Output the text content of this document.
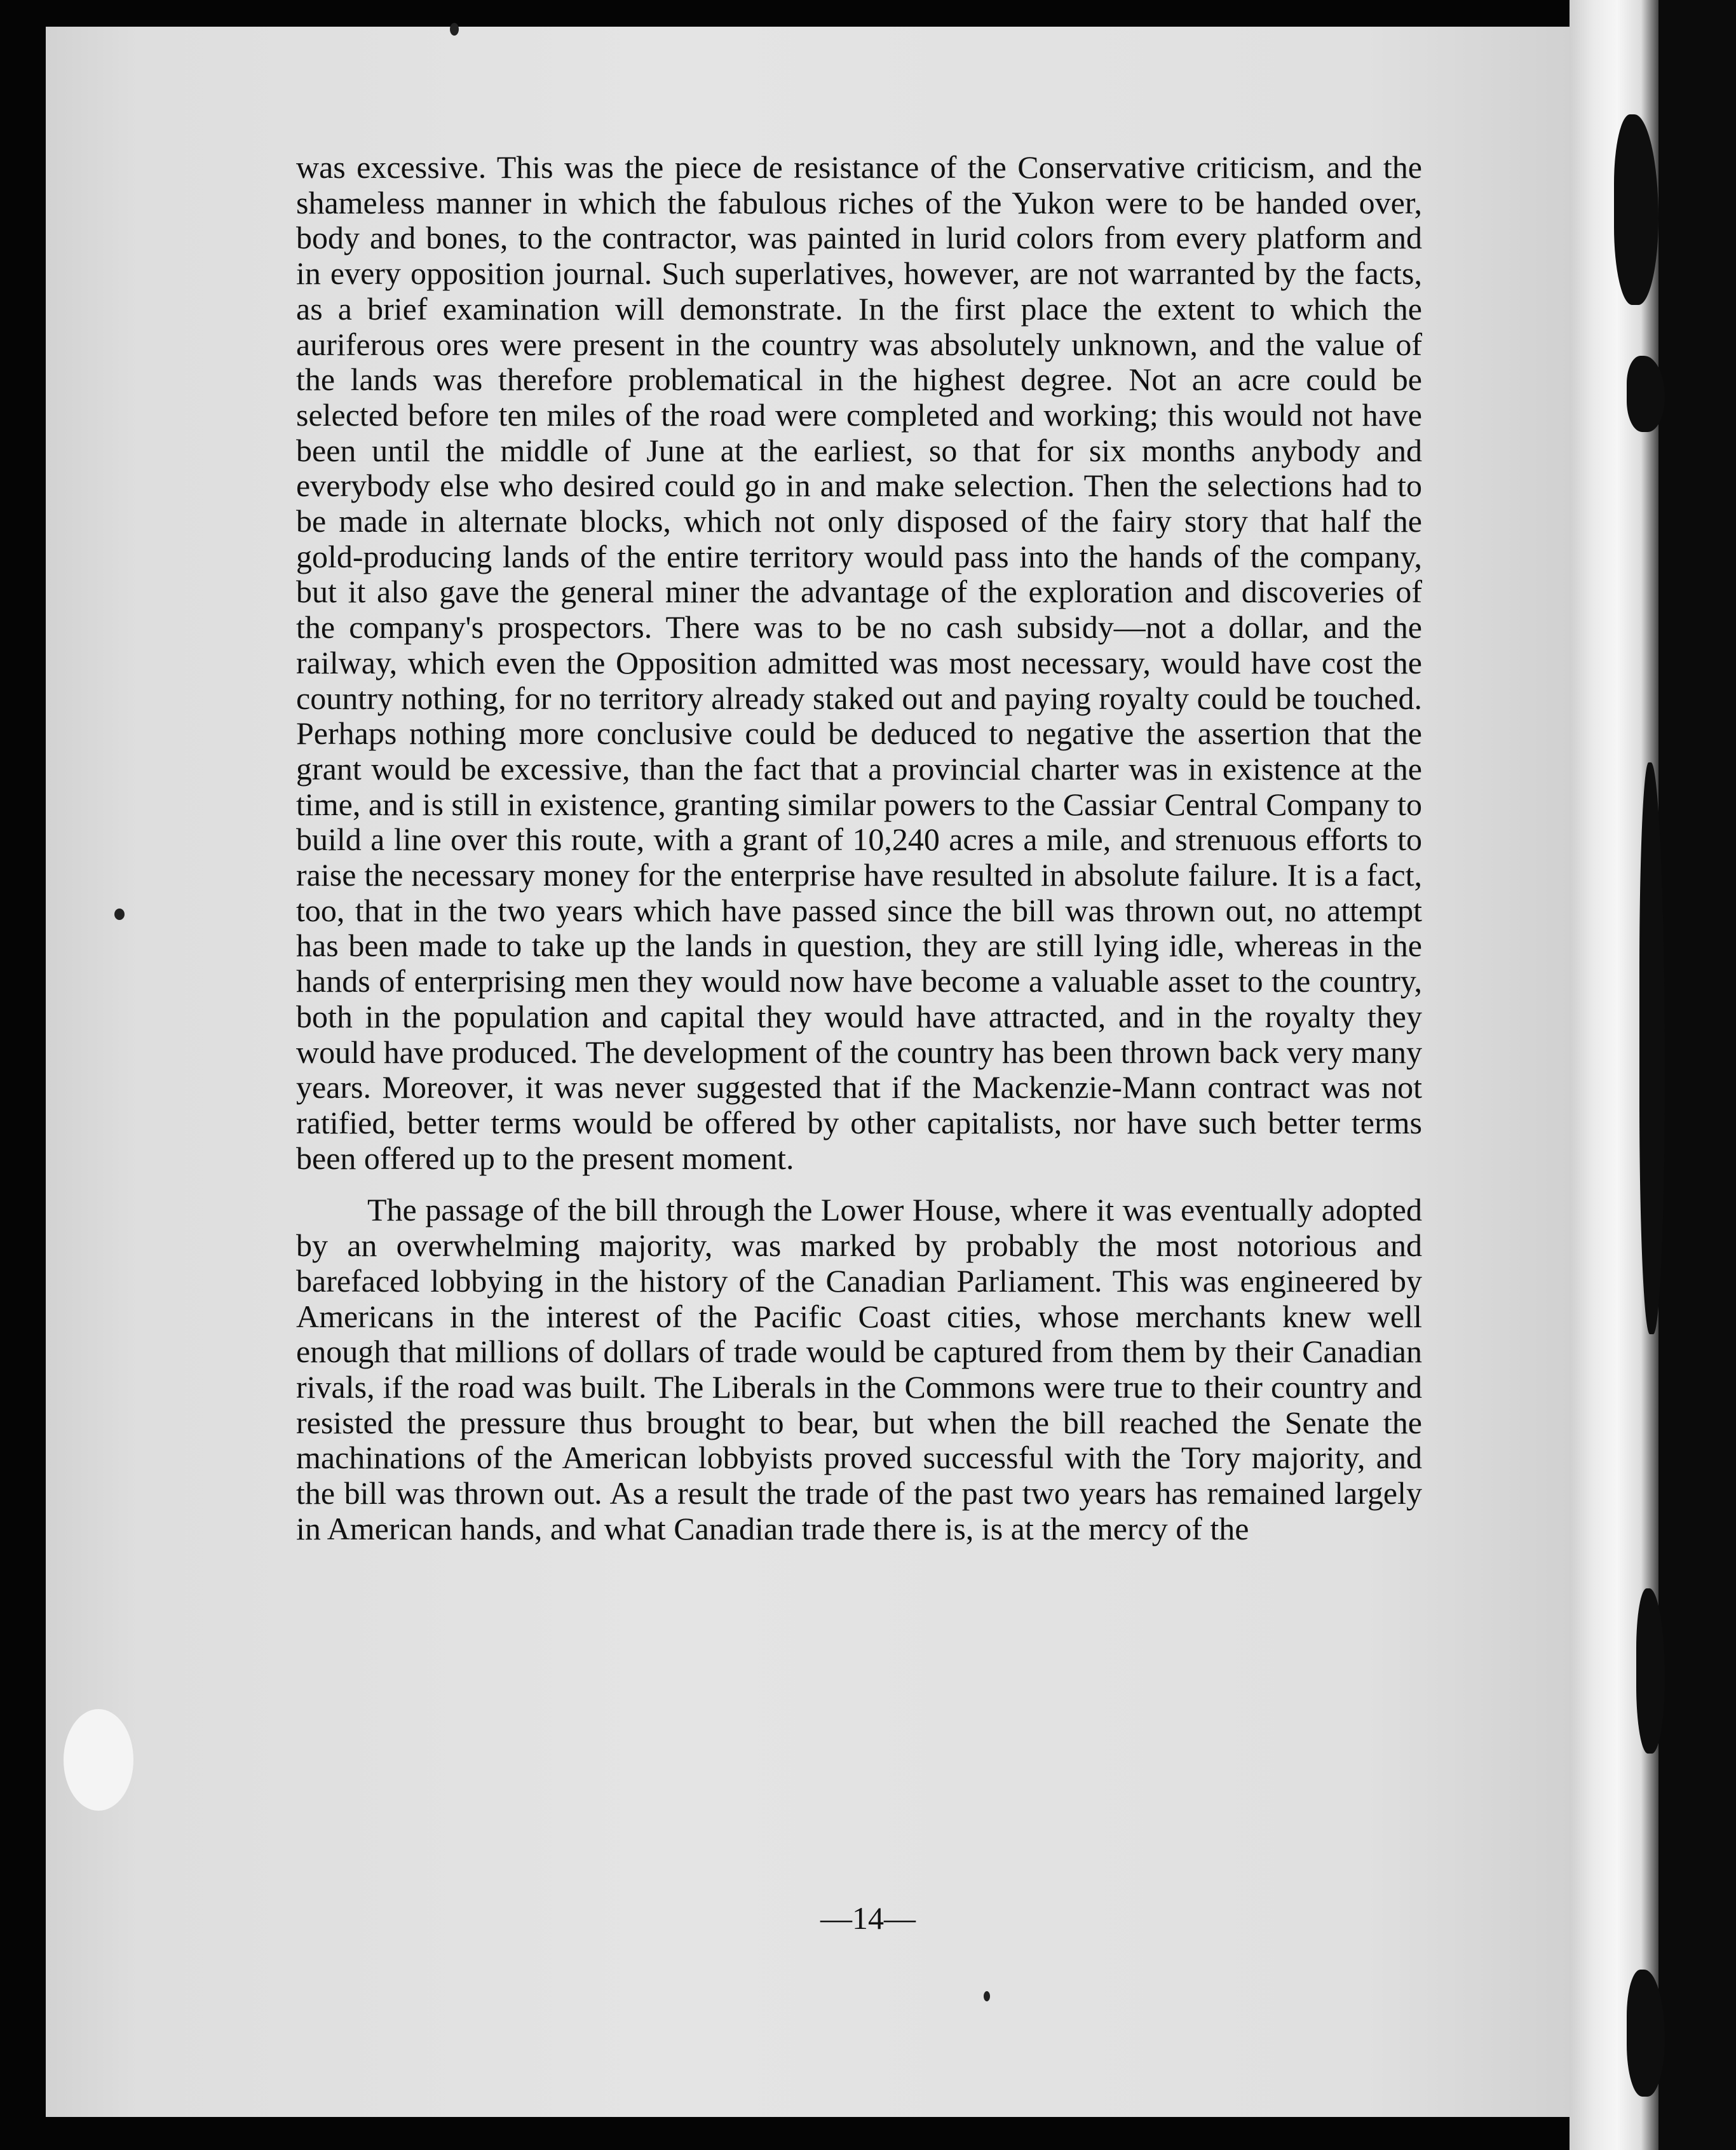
was excessive. This was the piece de resistance of the Conservative criticism, and the shameless manner in which the fabulous riches of the Yukon were to be handed over, body and bones, to the contractor, was painted in lurid colors from every platform and in every opposition journal. Such superlatives, however, are not warranted by the facts, as a brief examination will demonstrate. In the first place the extent to which the auriferous ores were present in the country was absolutely unknown, and the value of the lands was therefore problematical in the highest degree. Not an acre could be selected before ten miles of the road were completed and working; this would not have been until the middle of June at the earliest, so that for six months anybody and everybody else who desired could go in and make selection. Then the selections had to be made in alternate blocks, which not only disposed of the fairy story that half the gold-producing lands of the entire territory would pass into the hands of the company, but it also gave the general miner the advantage of the exploration and discoveries of the company's prospectors. There was to be no cash subsidy—not a dollar, and the railway, which even the Opposition admitted was most necessary, would have cost the country nothing, for no territory already staked out and paying royalty could be touched. Perhaps nothing more conclusive could be deduced to negative the assertion that the grant would be excessive, than the fact that a provincial charter was in existence at the time, and is still in existence, granting similar powers to the Cassiar Central Company to build a line over this route, with a grant of 10,240 acres a mile, and strenuous efforts to raise the necessary money for the enterprise have resulted in absolute failure. It is a fact, too, that in the two years which have passed since the bill was thrown out, no attempt has been made to take up the lands in question, they are still lying idle, whereas in the hands of enterprising men they would now have become a valuable asset to the country, both in the population and capital they would have attracted, and in the royalty they would have produced. The development of the country has been thrown back very many years. Moreover, it was never suggested that if the Mackenzie-Mann contract was not ratified, better terms would be offered by other capitalists, nor have such better terms been offered up to the present moment.

The passage of the bill through the Lower House, where it was eventually adopted by an overwhelming majority, was marked by probably the most notorious and barefaced lobbying in the history of the Canadian Parliament. This was engineered by Americans in the interest of the Pacific Coast cities, whose merchants knew well enough that millions of dollars of trade would be captured from them by their Canadian rivals, if the road was built. The Liberals in the Commons were true to their country and resisted the pressure thus brought to bear, but when the bill reached the Senate the machinations of the American lobbyists proved successful with the Tory majority, and the bill was thrown out. As a result the trade of the past two years has remained largely in American hands, and what Canadian trade there is, is at the mercy of the

—14—
